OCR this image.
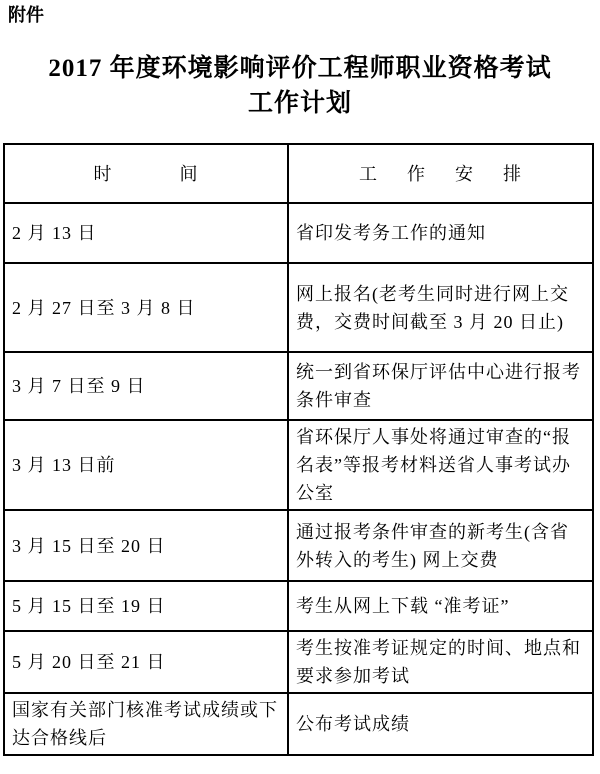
附件
2017 年度环境影响评价工程师职业资格考试
工作计划
时间	工作安排
2 月 13 日	省印发考务工作的通知
2 月 27 日至 3 月 8 日	网上报名(老考生同时进行网上交费，交费时间截至 3 月 20 日止)
3 月 7 日至 9 日	统一到省环保厅评估中心进行报考条件审查
3 月 13 日前	省环保厅人事处将通过审查的“报名表”等报考材料送省人事考试办公室
3 月 15 日至 20 日	通过报考条件审查的新考生(含省外转入的考生) 网上交费
5 月 15 日至 19 日	考生从网上下载 “准考证”
5 月 20 日至 21 日	考生按准考证规定的时间、地点和要求参加考试
国家有关部门核准考试成绩或下达合格线后	公布考试成绩
